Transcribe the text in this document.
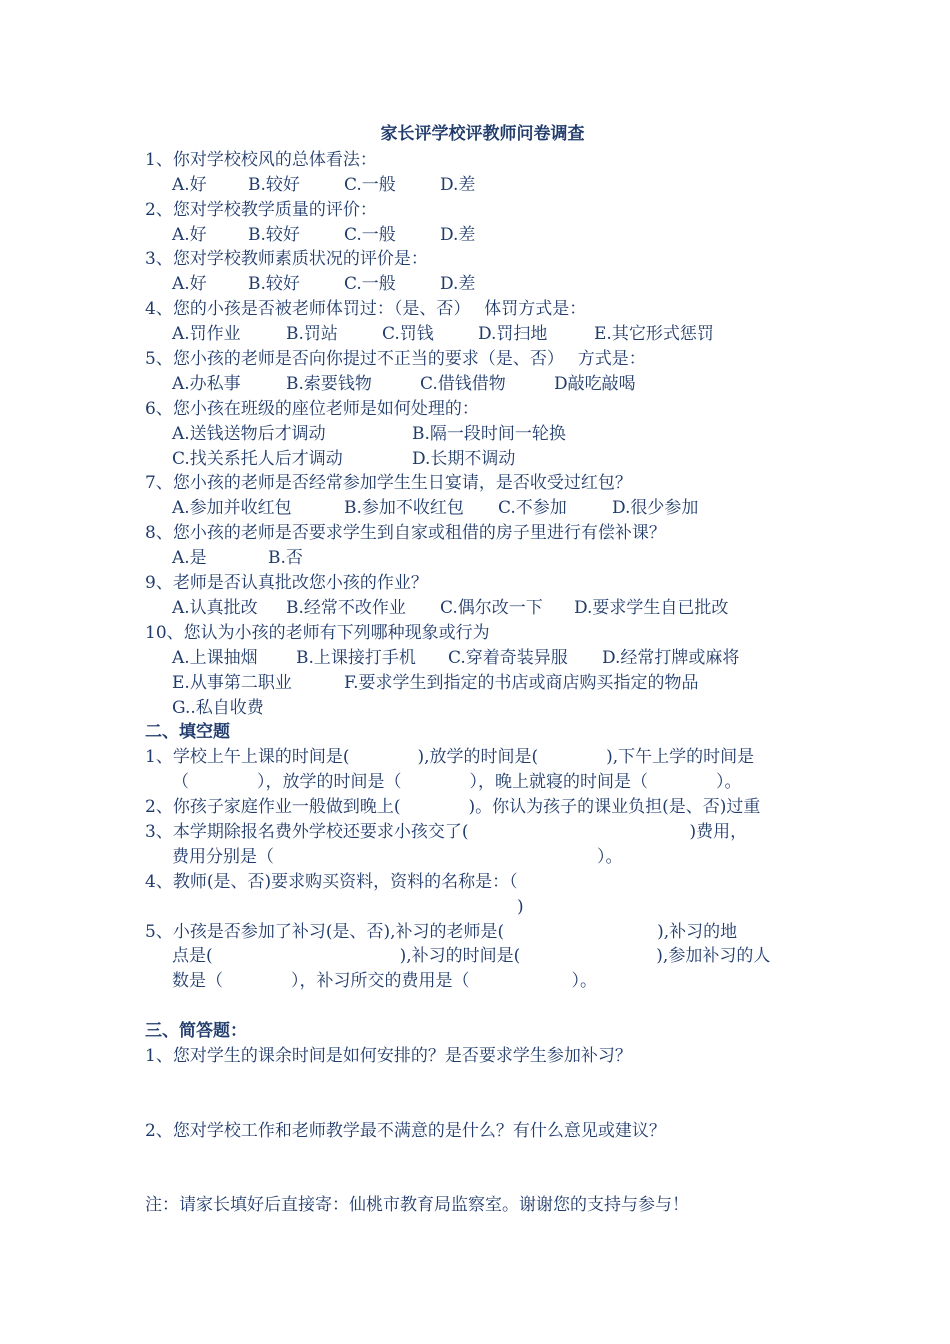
家长评学校评教师问卷调查
1、你对学校校风的总体看法：
A.好 B.较好	C.一般	D.差
2、您对学校教学质量的评价：
A.好 B.较好	C.一般	D.差
3、您对学校教师素质状况的评价是：
A.好 B.较好	C.一般	D.差
4、您的小孩是否被老师体罚过：（是、否）　 体罚方式是：
A.罚作业	B.罚站	C.罚钱	D.罚扫地	E.其它形式惩罚
5、您小孩的老师是否向你提过不正当的要求（是、否）　 方式是：
A.办私事	B.索要钱物	C.借钱借物	D敲吃敲喝
6、您小孩在班级的座位老师是如何处理的：
A.送钱送物后才调动	B.隔一段时间一轮换
C.找关系托人后才调动	D.长期不调动
7、您小孩的老师是否经常参加学生生日宴请，是否收受过红包？
A.参加并收红包	B.参加不收红包 C.不参加	D.很少参加
8、您小孩的老师是否要求学生到自家或租借的房子里进行有偿补课？
A.是	B.否
9、老师是否认真批改您小孩的作业？
A.认真批改 B.经常不改作业 C.偶尔改一下 D.要求学生自已批改
10、您认为小孩的老师有下列哪种现象或行为
A.上课抽烟 B.上课接打手机 C.穿着奇装异服 D.经常打牌或麻将
E.从事第二职业	F.要求学生到指定的书店或商店购买指定的物品
G..私自收费
二、填空题
1、学校上午上课的时间是(　　　　),放学的时间是(　　　　),下午上学的时间是
（　　　　），放学的时间是（　　　　），晚上就寝的时间是（　　　　）。
2、你孩子家庭作业一般做到晚上(　　　　)。你认为孩子的课业负担(是、否)过重
3、本学期除报名费外学校还要求小孩交了(　　　　　　　　　　　　　)费用，
费用分别是（　　　　　　　　　　　　　　　　　　　）。
4、教师(是、否)要求购买资料，资料的名称是：（
)
5、小孩是否参加了补习(是、否),补习的老师是(　　　　　　　　　),补习的地
点是(　　　　　　　　　　　),补习的时间是(　　　　　　　　),参加补习的人
数是（　　　　），补习所交的费用是（　　　　　　）。
三、简答题：
1、您对学生的课余时间是如何安排的？是否要求学生参加补习？
2、您对学校工作和老师教学最不满意的是什么？有什么意见或建议？
注：请家长填好后直接寄：仙桃市教育局监察室。谢谢您的支持与参与！
